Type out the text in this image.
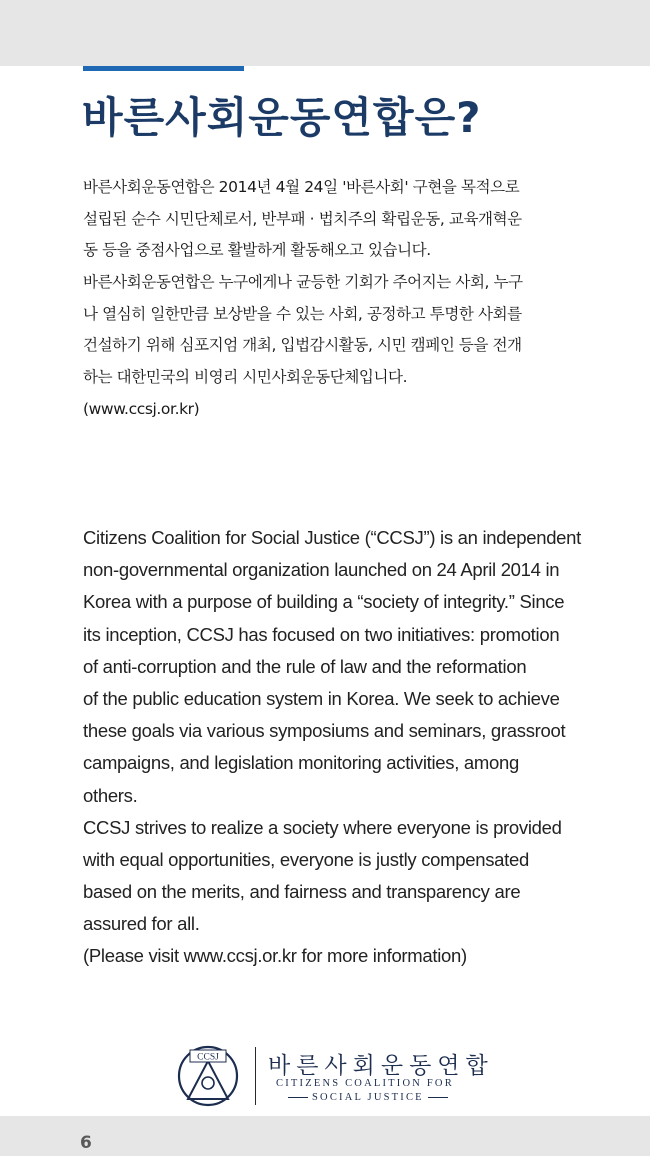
바른사회운동연합은?
바른사회운동연합은 2014년 4월 24일 '바른사회' 구현을 목적으로
설립된 순수 시민단체로서, 반부패 · 법치주의 확립운동, 교육개혁운
동 등을 중점사업으로 활발하게 활동해오고 있습니다.
바른사회운동연합은 누구에게나 균등한 기회가 주어지는 사회, 누구
나 열심히 일한만큼 보상받을 수 있는 사회, 공정하고 투명한 사회를
건설하기 위해 심포지엄 개최, 입법감시활동, 시민 캠페인 등을 전개
하는 대한민국의 비영리 시민사회운동단체입니다.
(www.ccsj.or.kr)
Citizens Coalition for Social Justice (“CCSJ”) is an independent
non-governmental organization launched on 24 April 2014 in
Korea with a purpose of building a “society of integrity.” Since
its inception, CCSJ has focused on two initiatives: promotion
of anti-corruption and the rule of law and the reformation
of the public education system in Korea. We seek to achieve
these goals via various symposiums and seminars, grassroot
campaigns, and legislation monitoring activities, among
others.
CCSJ strives to realize a society where everyone is provided
with equal opportunities, everyone is justly compensated
based on the merits, and fairness and transparency are
assured for all.
(Please visit www.ccsj.or.kr for more information)
CCSJ 바른사회운동연합
CITIZENS COALITION FOR
SOCIAL JUSTICE
6
